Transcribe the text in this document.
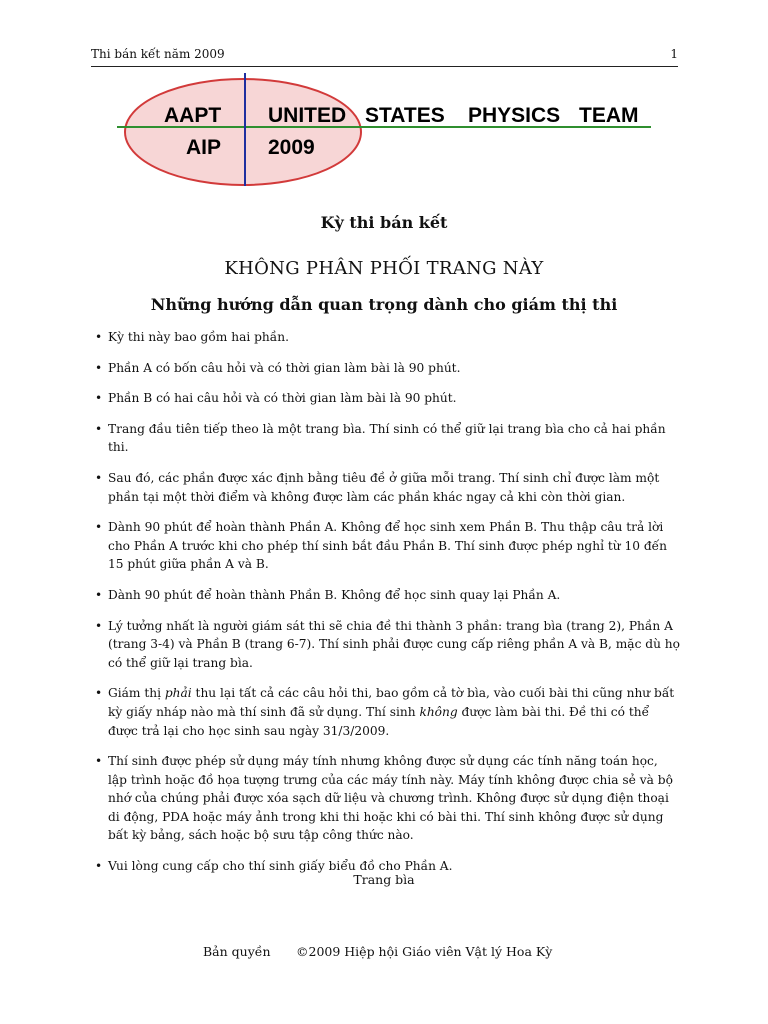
Thi bán kết năm 2009	1
AAPT
AIP
UNITED STATES PHYSICS TEAM
2009
Kỳ thi bán kết
KHÔNG PHÂN PHỐI TRANG NÀY
Những hướng dẫn quan trọng dành cho giám thị thi
• Kỳ thi này bao gồm hai phần.
• Phần A có bốn câu hỏi và có thời gian làm bài là 90 phút.
• Phần B có hai câu hỏi và có thời gian làm bài là 90 phút.
• Trang đầu tiên tiếp theo là một trang bìa. Thí sinh có thể giữ lại trang bìa cho cả hai phần thi.
• Sau đó, các phần được xác định bằng tiêu đề ở giữa mỗi trang. Thí sinh chỉ được làm một phần tại một thời điểm và không được làm các phần khác ngay cả khi còn thời gian.
• Dành 90 phút để hoàn thành Phần A. Không để học sinh xem Phần B. Thu thập câu trả lời cho Phần A trước khi cho phép thí sinh bắt đầu Phần B. Thí sinh được phép nghỉ từ 10 đến 15 phút giữa phần A và B.
• Dành 90 phút để hoàn thành Phần B. Không để học sinh quay lại Phần A.
• Lý tưởng nhất là người giám sát thi sẽ chia đề thi thành 3 phần: trang bìa (trang 2), Phần A (trang 3-4) và Phần B (trang 6-7). Thí sinh phải được cung cấp riêng phần A và B, mặc dù họ có thể giữ lại trang bìa.
• Giám thị phải thu lại tất cả các câu hỏi thi, bao gồm cả tờ bìa, vào cuối bài thi cũng như bất kỳ giấy nháp nào mà thí sinh đã sử dụng. Thí sinh không được làm bài thi. Đề thi có thể được trả lại cho học sinh sau ngày 31/3/2009.
• Thí sinh được phép sử dụng máy tính nhưng không được sử dụng các tính năng toán học, lập trình hoặc đồ họa tượng trưng của các máy tính này. Máy tính không được chia sẻ và bộ nhớ của chúng phải được xóa sạch dữ liệu và chương trình. Không được sử dụng điện thoại di động, PDA hoặc máy ảnh trong khi thi hoặc khi có bài thi. Thí sinh không được sử dụng bất kỳ bảng, sách hoặc bộ sưu tập công thức nào.
• Vui lòng cung cấp cho thí sinh giấy biểu đồ cho Phần A.
Trang bìa
Bản quyền ©2009 Hiệp hội Giáo viên Vật lý Hoa Kỳ
